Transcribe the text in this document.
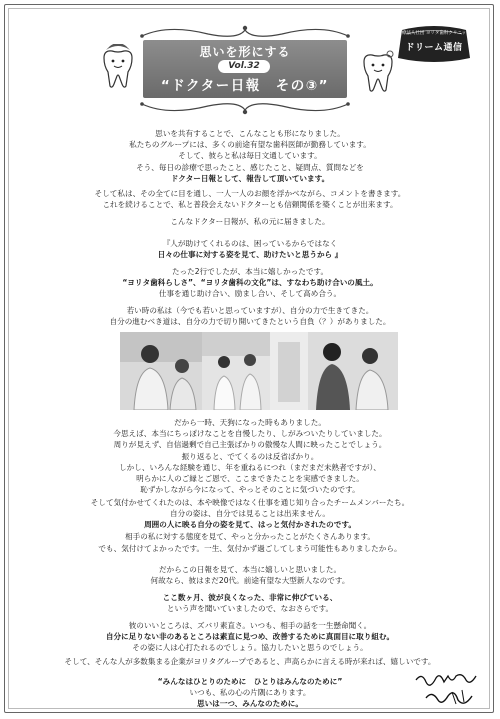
思いを形にする
Vol.32
“ドクター日報　その③”
医療法人社団 ヨリタ歯科クリニック
ドリーム通信
思いを共有することで、こんなことも形になりました。
私たちのグループには、多くの前途有望な歯科医師が勤務しています。
そして、彼らと私は毎日文通しています。
そう、毎日の診療で思ったこと、感じたこと、疑問点、質問などを
ドクター日報として、報告して頂いています。
そして私は、その全てに目を通し、一人一人のお顔を浮かべながら、コメントを書きます。
これを続けることで、私と普段会えないドクターとも信頼関係を築くことが出来ます。
こんなドクター日報が、私の元に届きました。
『人が助けてくれるのは、困っているからではなく
日々の仕事に対する姿を見て、助けたいと思うから 』
たった2行でしたが、本当に嬉しかったです。
“ヨリタ歯科らしさ”、“ヨリタ歯科の文化”は、すなわち助け合いの風土。
仕事を通じ助け合い、励まし合い、そして高め合う。
若い時の私は（今でも若いと思っていますが）、自分の力で生きてきた。
自分の進むべき道は、自分の力で切り開いてきたという自負（？）がありました。
だから一時、天狗になった時もありました。
今思えば、本当にちっぽけなことを自慢したり、しがみついたりしていました。
周りが見えず、自信過剰で自己主張ばかりの傲慢な人間に映ったことでしょう。
振り返ると、でてくるのは反省ばかり。
しかし、いろんな経験を通じ、年を重ねるにつれ（まだまだ未熟者ですが）、
明らかに人のご縁とご恩で、ここまできたことを実感できました。
恥ずかしながら今になって、やっとそのことに気づいたのです。
そして気付かせてくれたのは、本や映像ではなく仕事を通じ知り合ったチームメンバーたち。
自分の姿は、自分では見ることは出来ません。
周囲の人に映る自分の姿を見て、はっと気付かされたのです。
相手の私に対する態度を見て、やっと分かったことがたくさんあります。
でも、気付けてよかったです。一生、気付かず過ごしてしまう可能性もありましたから。
だからこの日報を見て、本当に嬉しいと思いました。
何故なら、彼はまだ20代。前途有望な大型新人なのです。
ここ数ヶ月、彼が良くなった、非常に伸びている、
という声を聞いていましたので、なおさらです。
彼のいいところは、ズバリ素直さ。いつも、相手の話を一生懸命聞く。
自分に足りない非のあるところは素直に見つめ、改善するために真面目に取り組む。
その姿に人は心打たれるのでしょう。協力したいと思うのでしょう。
そして、そんな人が多数集まる企業がヨリタグループであると、声高らかに言える時が来れば、嬉しいです。
“みんなはひとりのために　ひとりはみんなのために”
いつも、私の心の片隅にあります。
思いは一つ、みんなのために。
